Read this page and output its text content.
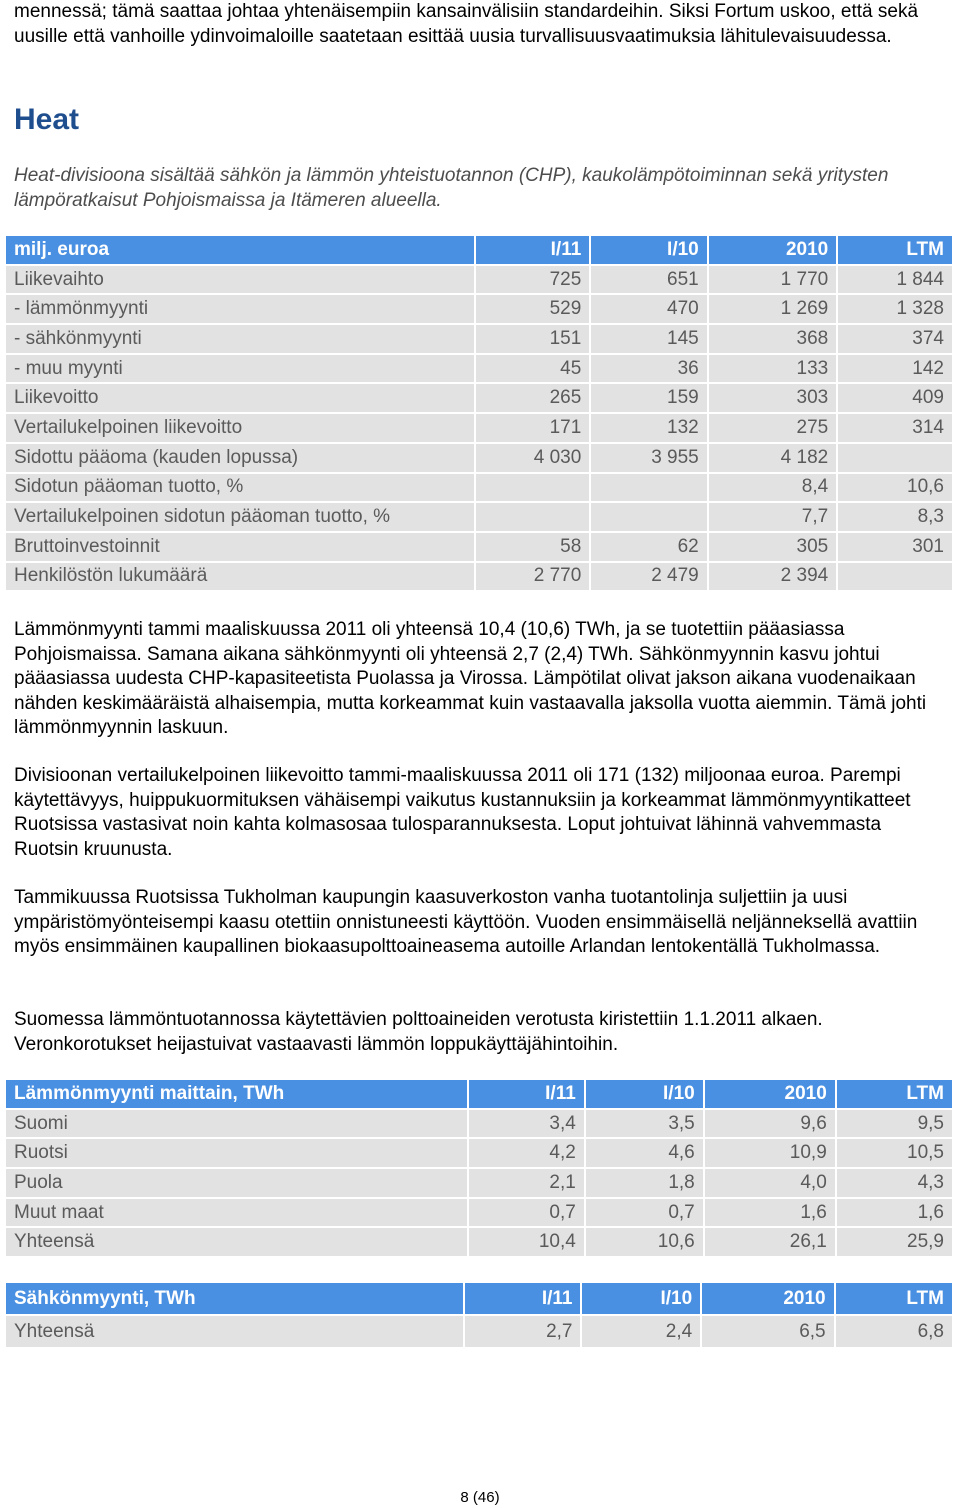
mennessä; tämä saattaa johtaa yhtenäisempiin kansainvälisiin standardeihin. Siksi Fortum uskoo, että sekä uusille että vanhoille ydinvoimaloille saatetaan esittää uusia turvallisuusvaatimuksia lähitulevaisuudessa.

Heat

Heat-divisioona sisältää sähkön ja lämmön yhteistuotannon (CHP), kaukolämpötoiminnan sekä yritysten lämpöratkaisut Pohjoismaissa ja Itämeren alueella.

milj. euroa	I/11	I/10	2010	LTM
Liikevaihto	725	651	1 770	1 844
- lämmönmyynti	529	470	1 269	1 328
- sähkönmyynti	151	145	368	374
- muu myynti	45	36	133	142
Liikevoitto	265	159	303	409
Vertailukelpoinen liikevoitto	171	132	275	314
Sidottu pääoma (kauden lopussa)	4 030	3 955	4 182	
Sidotun pääoman tuotto, %			8,4	10,6
Vertailukelpoinen sidotun pääoman tuotto, %			7,7	8,3
Bruttoinvestoinnit	58	62	305	301
Henkilöstön lukumäärä	2 770	2 479	2 394	

Lämmönmyynti tammi maaliskuussa 2011 oli yhteensä 10,4 (10,6) TWh, ja se tuotettiin pääasiassa Pohjoismaissa. Samana aikana sähkönmyynti oli yhteensä 2,7 (2,4) TWh. Sähkönmyynnin kasvu johtui pääasiassa uudesta CHP-kapasiteetista Puolassa ja Virossa. Lämpötilat olivat jakson aikana vuodenaikaan nähden keskimääräistä alhaisempia, mutta korkeammat kuin vastaavalla jaksolla vuotta aiemmin. Tämä johti lämmönmyynnin laskuun.

Divisioonan vertailukelpoinen liikevoitto tammi-maaliskuussa 2011 oli 171 (132) miljoonaa euroa. Parempi käytettävyys, huippukuormituksen vähäisempi vaikutus kustannuksiin ja korkeammat lämmönmyyntikatteet Ruotsissa vastasivat noin kahta kolmasosaa tulosparannuksesta. Loput johtuivat lähinnä vahvemmasta Ruotsin kruunusta.

Tammikuussa Ruotsissa Tukholman kaupungin kaasuverkoston vanha tuotantolinja suljettiin ja uusi ympäristömyönteisempi kaasu otettiin onnistuneesti käyttöön. Vuoden ensimmäisellä neljänneksellä avattiin myös ensimmäinen kaupallinen biokaasupolttoaineasema autoille Arlandan lentokentällä Tukholmassa.

Suomessa lämmöntuotannossa käytettävien polttoaineiden verotusta kiristettiin 1.1.2011 alkaen. Veronkorotukset heijastuivat vastaavasti lämmön loppukäyttäjähintoihin.

Lämmönmyynti maittain, TWh	I/11	I/10	2010	LTM
Suomi	3,4	3,5	9,6	9,5
Ruotsi	4,2	4,6	10,9	10,5
Puola	2,1	1,8	4,0	4,3
Muut maat	0,7	0,7	1,6	1,6
Yhteensä	10,4	10,6	26,1	25,9
Sähkönmyynti, TWh	I/11	I/10	2010	LTM
Yhteensä	2,7	2,4	6,5	6,8
8 (46)
